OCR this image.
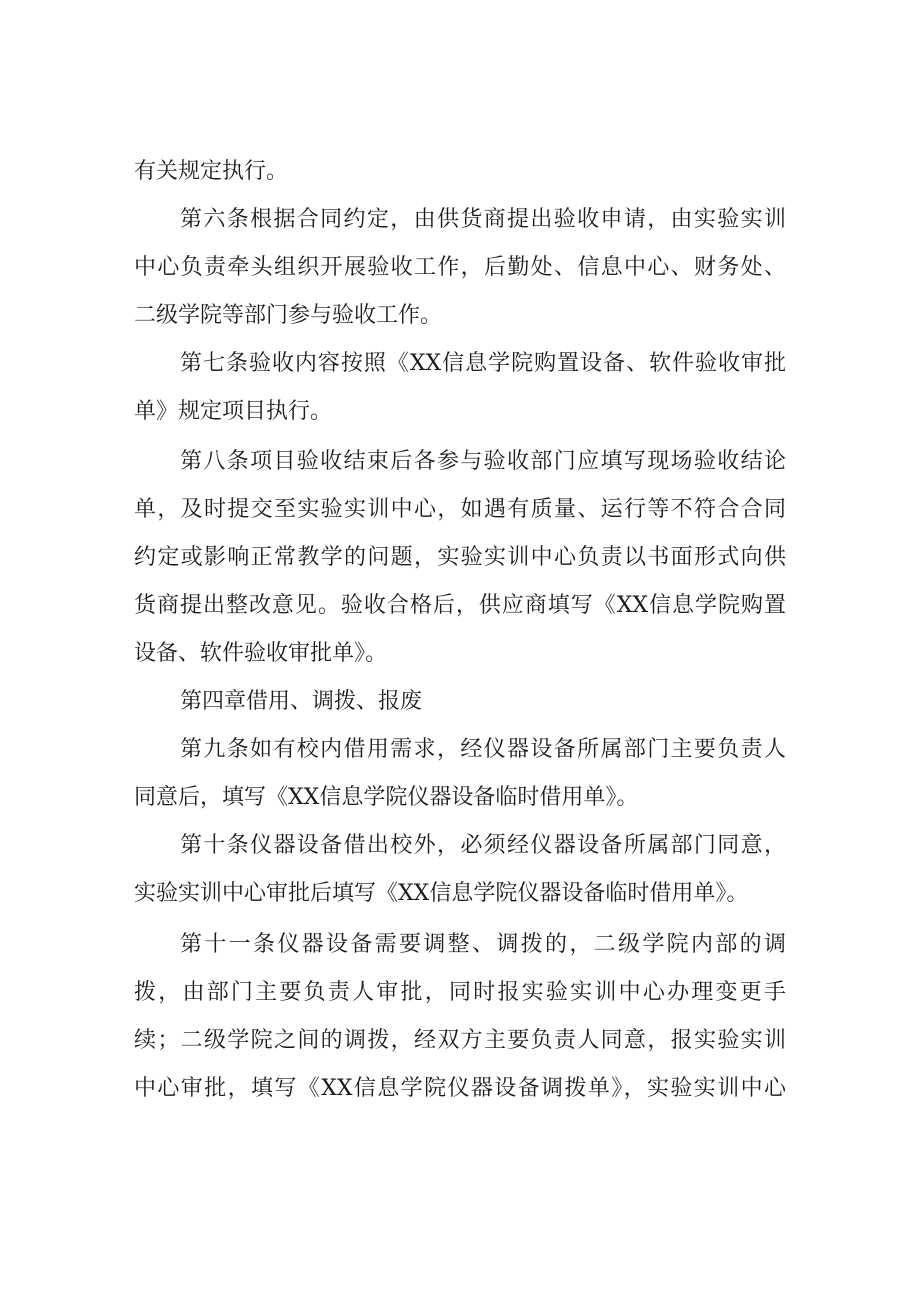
有关规定执行。
第六条根据合同约定，由供货商提出验收申请，由实验实训
中心负责牵头组织开展验收工作，后勤处、信息中心、财务处、
二级学院等部门参与验收工作。
第七条验收内容按照《XX信息学院购置设备、软件验收审批
单》规定项目执行。
第八条项目验收结束后各参与验收部门应填写现场验收结论
单，及时提交至实验实训中心，如遇有质量、运行等不符合合同
约定或影响正常教学的问题，实验实训中心负责以书面形式向供
货商提出整改意见。验收合格后，供应商填写《XX信息学院购置
设备、软件验收审批单》。
第四章借用、调拨、报废
第九条如有校内借用需求，经仪器设备所属部门主要负责人
同意后，填写《XX信息学院仪器设备临时借用单》。
第十条仪器设备借出校外，必须经仪器设备所属部门同意，
实验实训中心审批后填写《XX信息学院仪器设备临时借用单》。
第十一条仪器设备需要调整、调拨的，二级学院内部的调
拨，由部门主要负责人审批，同时报实验实训中心办理变更手
续；二级学院之间的调拨，经双方主要负责人同意，报实验实训
中心审批，填写《XX信息学院仪器设备调拨单》，实验实训中心
